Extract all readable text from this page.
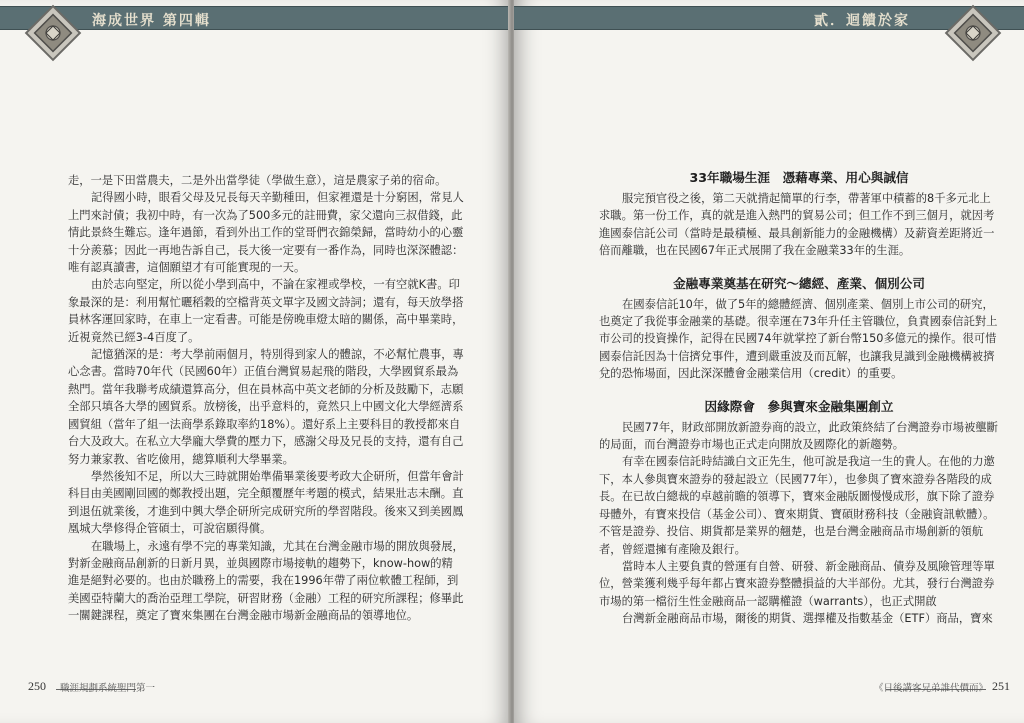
海成世界 第四輯

走，一是下田當農夫，二是外出當學徒（學做生意），這是農家子弟的宿命。

記得國小時，眼看父母及兄長每天辛勤種田，但家裡還是十分窮困，常見人上門來討債；我初中時，有一次為了500多元的註冊費，家父還向三叔借錢，此情此景終生難忘。逢年過節，看到外出工作的堂哥們衣錦榮歸，當時幼小的心靈十分羨慕；因此一再地告訴自己，長大後一定要有一番作為，同時也深深體認：唯有認真讀書，這個願望才有可能實現的一天。

由於志向堅定，所以從小學到高中，不論在家裡或學校，一有空就K書。印象最深的是：利用幫忙曬稻穀的空檔背英文單字及國文詩詞；還有，每天放學搭員林客運回家時，在車上一定看書。可能是傍晚車燈太暗的關係，高中畢業時，近視竟然已經3-4百度了。

記憶猶深的是：考大學前兩個月，特別得到家人的體諒，不必幫忙農事，專心念書。當時70年代（民國60年）正值台灣貿易起飛的階段，大學國貿系最為熱門。當年我聯考成績還算高分，但在員林高中英文老師的分析及鼓勵下，志願全部只填各大學的國貿系。放榜後，出乎意料的，竟然只上中國文化大學經濟系國貿組（當年了組一法商學系錄取率約18%）。還好系上主要科目的教授都來自台大及政大。在私立大學龐大學費的壓力下，感謝父母及兄長的支持，還有自己努力兼家教、省吃儉用，總算順利大學畢業。

學然後知不足，所以大三時就開始準備畢業後要考政大企研所，但當年會計科目由美國剛回國的鄭教授出題，完全顛覆歷年考題的模式，結果壯志未酬。直到退伍就業後，才進到中興大學企研所完成研究所的學習階段。後來又到美國鳳凰城大學修得企管碩士，可說宿願得償。

在職場上，永遠有學不完的專業知識，尤其在台灣金融市場的開放與發展，對新金融商品創新的日新月異，並與國際市場接軌的趨勢下，know-how的精進是絕對必要的。也由於職務上的需要，我在1996年帶了兩位軟體工程師，到美國亞特蘭大的喬治亞理工學院，研習財務（金融）工程的研究所課程；修畢此一關鍵課程，奠定了寶來集團在台灣金融市場新金融商品的領導地位。

250 職涯規劃系統聖門第一
貳．迴饋於家
33年職場生涯　憑藉專業、用心與誠信

服完預官役之後，第二天就揹起簡單的行李，帶著軍中積蓄的8千多元北上求職。第一份工作，真的就是進入熱門的貿易公司；但工作不到三個月，就因考進國泰信託公司（當時是最積極、最具創新能力的金融機構）及薪資差距將近一倍而離職，也在民國67年正式展開了我在金融業33年的生涯。

金融專業奠基在研究～總經、產業、個別公司

在國泰信託10年，做了5年的總體經濟、個別產業、個別上市公司的研究，也奠定了我從事金融業的基礎。很幸運在73年升任主管職位，負責國泰信託對上市公司的投資操作，記得在民國74年就掌控了新台幣150多億元的操作。很可惜國泰信託因為十信擠兌事件，遭到嚴重波及而瓦解，也讓我見識到金融機構被擠兌的恐怖場面，因此深深體會金融業信用（credit）的重要。

因緣際會　參與寶來金融集團創立

民國77年，財政部開放新證券商的設立，此政策終結了台灣證券市場被壟斷的局面，而台灣證券市場也正式走向開放及國際化的新趨勢。

有幸在國泰信託時結識白文正先生，他可說是我這一生的貴人。在他的力邀下，本人參與寶來證券的發起設立（民國77年），也參與了寶來證券各階段的成長。在已故白總裁的卓越前瞻的領導下，寶來金融版圖慢慢成形，旗下除了證券母體外，有寶來投信（基金公司）、寶來期貨、寶碩財務科技（金融資訊軟體）。不管是證券、投信、期貨都是業界的翹楚，也是台灣金融商品市場創新的領航者，曾經還擁有產險及銀行。

當時本人主要負責的營運有自營、研發、新金融商品、債券及風險管理等單位，營業獲利幾乎每年都占寶來證券整體損益的大半部份。尤其，發行台灣證券市場的第一檔衍生性金融商品一認購權證（warrants），也正式開啟

台灣新金融商品市場，爾後的期貨、選擇權及指數基金（ETF）商品，寶來

《日後講客兄弟誰代價而》 251
